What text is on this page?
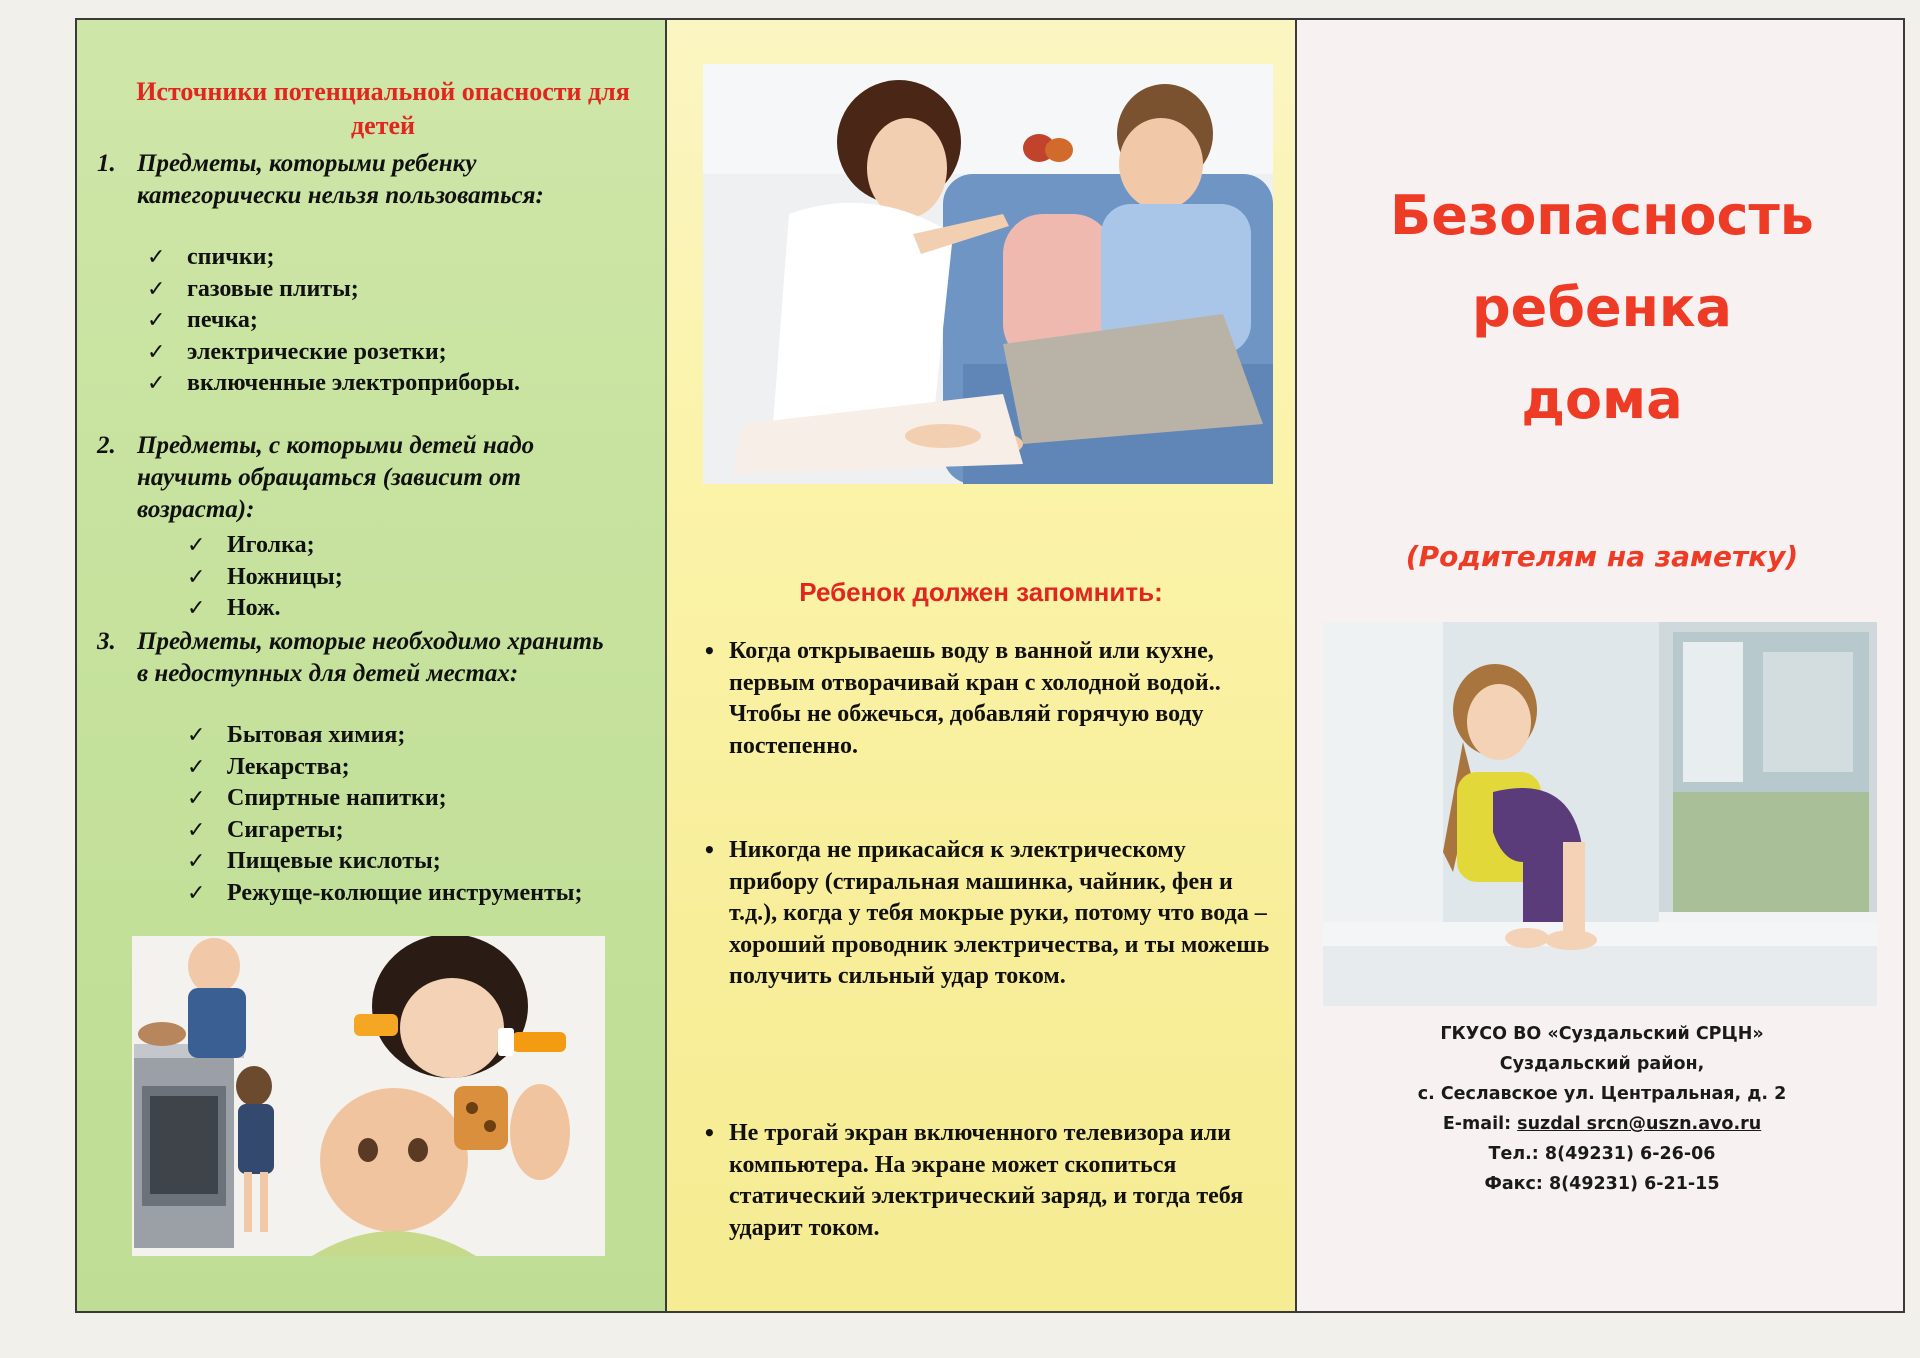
Источники потенциальной опасности для детей
1. Предметы, которыми ребенку категорически нельзя пользоваться:
✓ спички;
✓ газовые плиты;
✓ печка;
✓ электрические розетки;
✓ включенные электроприборы.
2. Предметы, с которыми детей надо научить обращаться (зависит от возраста):
✓ Иголка;
✓ Ножницы;
✓ Нож.
3. Предметы, которые необходимо хранить в недоступных для детей местах:
✓ Бытовая химия;
✓ Лекарства;
✓ Спиртные напитки;
✓ Сигареты;
✓ Пищевые кислоты;
✓ Режуще-колющие инструменты;
Ребенок должен запомнить:
• Когда открываешь воду в ванной или кухне, первым отворачивай кран с холодной водой.. Чтобы не обжечься, добавляй горячую воду постепенно.
• Никогда не прикасайся к электрическому прибору (стиральная машинка, чайник, фен и т.д.), когда у тебя мокрые руки, потому что вода – хороший проводник электричества, и ты можешь получить сильный удар током.
• Не трогай экран включенного телевизора или компьютера. На экране может скопиться статический электрический заряд, и тогда тебя ударит током.
Безопасность
ребенка
дома
(Родителям на заметку)
ГКУСО ВО «Суздальский СРЦН»
Суздальский район,
с. Сеславское ул. Центральная, д. 2
E-mail: suzdal srcn@uszn.avo.ru
Тел.: 8(49231) 6-26-06
Факс: 8(49231) 6-21-15
